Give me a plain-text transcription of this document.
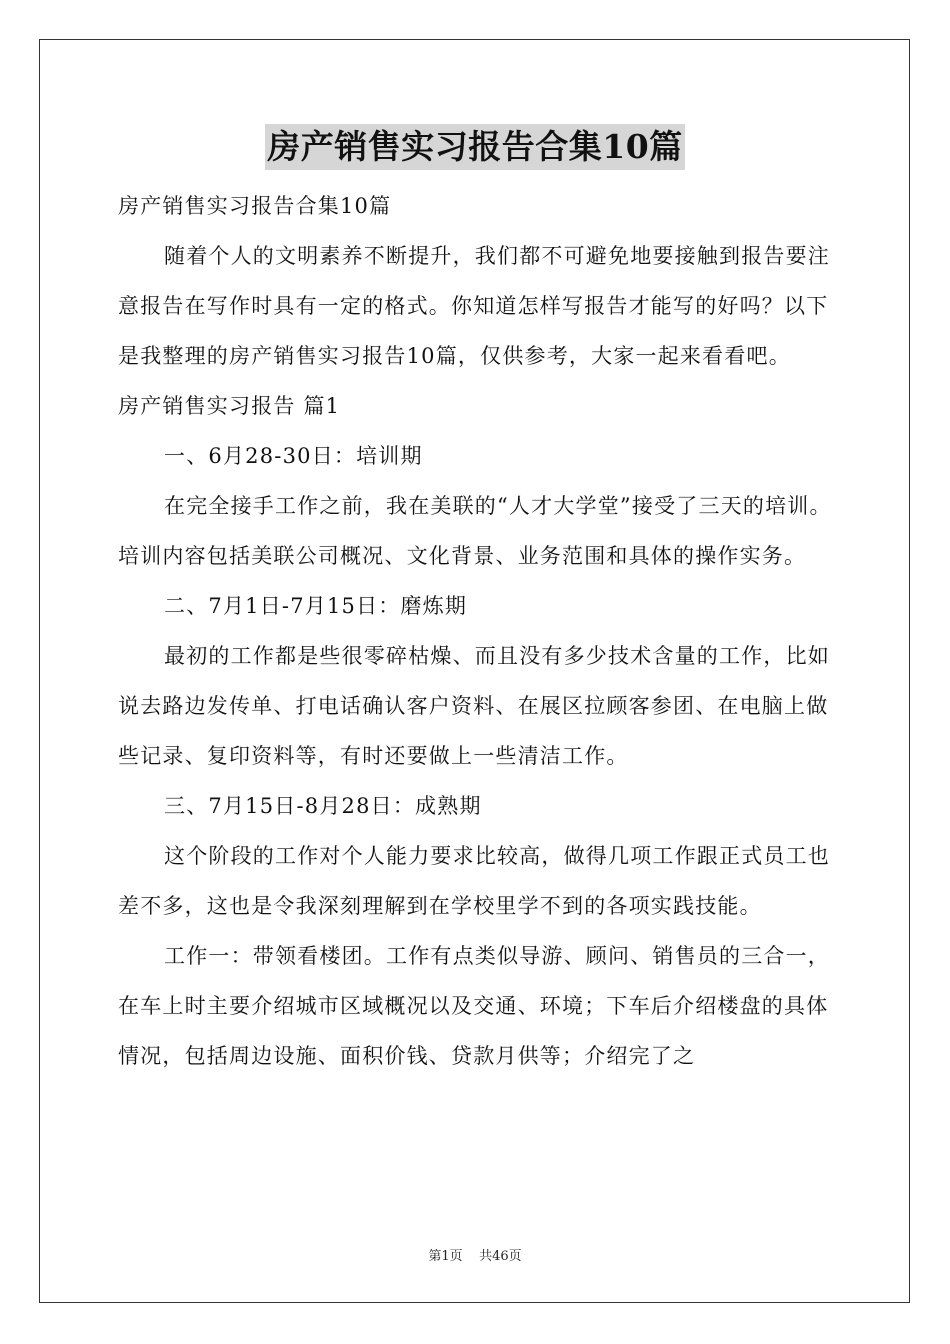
房产销售实习报告合集10篇

房产销售实习报告合集10篇

随着个人的文明素养不断提升，我们都不可避免地要接触到报告要注意报告在写作时具有一定的格式。你知道怎样写报告才能写的好吗？以下是我整理的房产销售实习报告10篇，仅供参考，大家一起来看看吧。

房产销售实习报告 篇1

一、6月28-30日：培训期

在完全接手工作之前，我在美联的“人才大学堂”接受了三天的培训。培训内容包括美联公司概况、文化背景、业务范围和具体的操作实务。

二、7月1日-7月15日：磨炼期

最初的工作都是些很零碎枯燥、而且没有多少技术含量的工作，比如说去路边发传单、打电话确认客户资料、在展区拉顾客参团、在电脑上做些记录、复印资料等，有时还要做上一些清洁工作。

三、7月15日-8月28日：成熟期

这个阶段的工作对个人能力要求比较高，做得几项工作跟正式员工也差不多，这也是令我深刻理解到在学校里学不到的各项实践技能。

工作一：带领看楼团。工作有点类似导游、顾问、销售员的三合一，在车上时主要介绍城市区域概况以及交通、环境；下车后介绍楼盘的具体情况，包括周边设施、面积价钱、贷款月供等；介绍完了之

第1页 共46页
